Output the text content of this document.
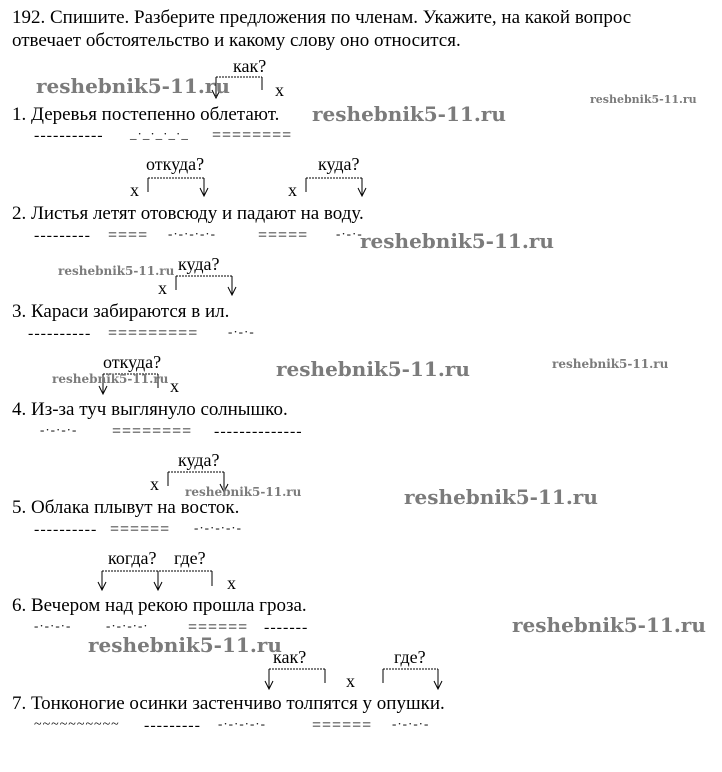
192. Спишите. Разберите предложения по членам. Укажите, на какой вопрос
отвечает обстоятельство и какому слову оно относится.
как?
x
1. Деревья постепенно облетают.
----------- _·_·_·_·_ ========
откуда?	куда?
x	x
2. Листья летят отовсюду и падают на воду.
--------- ==== -·-·-·-·-	===== -·-·-
куда?
x
3. Караси забираются в ил.
---------- ========= -·-·-
откуда?
x
4. Из-за туч выглянуло солнышко.
-·-·-·- ======== --------------
куда?
x
5. Облака плывут на восток.
---------- ====== -·-·-·-·-
когда? где?
x
6. Вечером над рекою прошла гроза.
-·-·-·-	-·-·-·-· ====== -------
как?	где?
x
7. Тонконогие осинки застенчиво толпятся у опушки.
~~~~~~~~~~ --------- -·-·-·-·-	====== -·-·-·-
reshebnik5-11.ru
reshebnik5-11.ru
reshebnik5-11.ru
reshebnik5-11.ru
reshebnik5-11.ru
reshebnik5-11.ru	reshebnik5-11.ru
reshebnik5-11.ru
reshebnik5-11.ru	reshebnik5-11.ru
reshebnik5-11.ru
reshebnik5-11.ru
